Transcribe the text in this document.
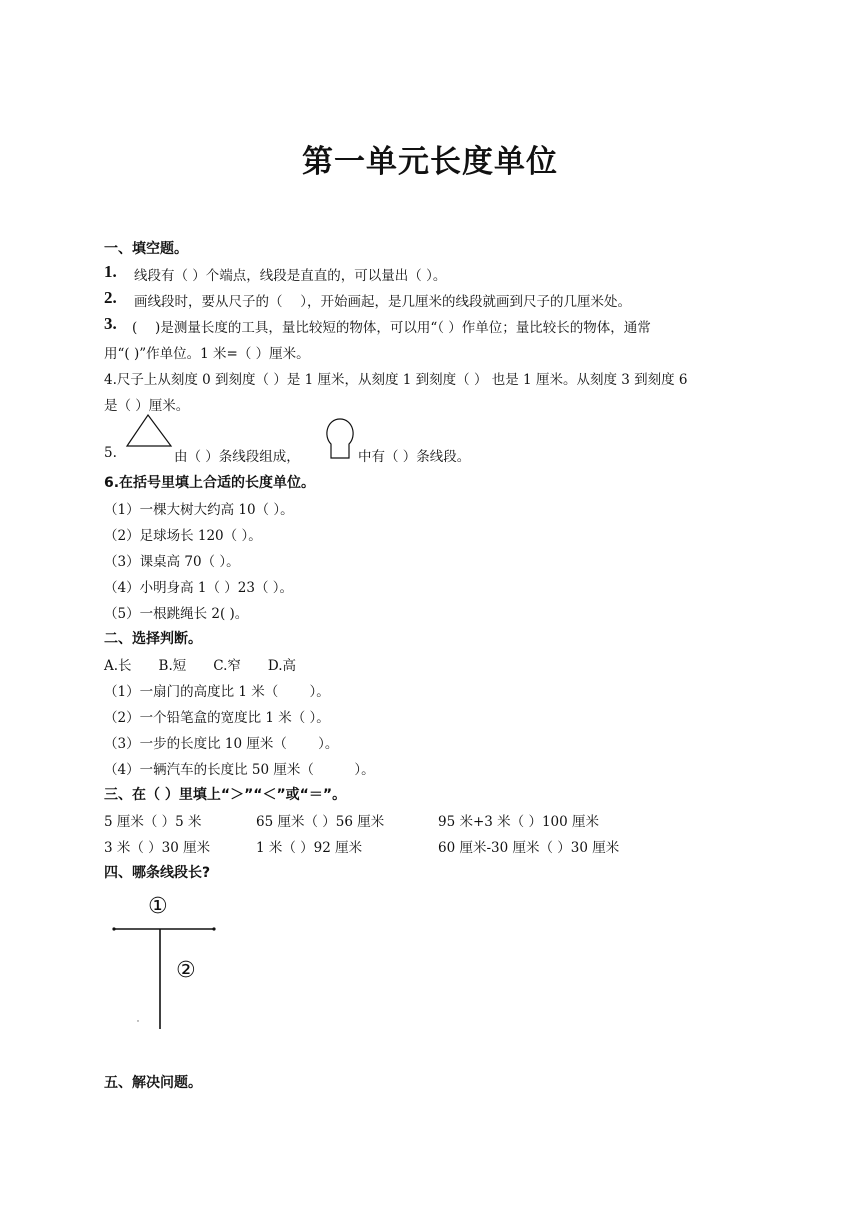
第一单元长度单位
一、填空题。
1. 线段有（ ）个端点，线段是直直的，可以量出（ ）。
2. 画线段时，要从尺子的（　 ），开始画起，是几厘米的线段就画到尺子的几厘米处。
3. (　 )是测量长度的工具，量比较短的物体，可以用“（ ）作单位；量比较长的物体，通常
用“( )”作单位。1 米=（ ）厘米。
4.尺子上从刻度 0 到刻度（ ）是 1 厘米，从刻度 1 到刻度（ ） 也是 1 厘米。从刻度 3 到刻度 6
是（ ）厘米。
5.	由（ ）条线段组成，	中有（ ）条线段。
6.在括号里填上合适的长度单位。
（1）一棵大树大约高 10（ ）。
（2）足球场长 120（ ）。
（3）课桌高 70（ ）。
（4）小明身高 1（ ）23（ ）。
（5）一根跳绳长 2( )。
二、选择判断。
A.长　　B.短　　C.窄　　D.高
（1）一扇门的高度比 1 米（　　 ）。
（2）一个铅笔盒的宽度比 1 米（ ）。
（3）一步的长度比 10 厘米（　　 ）。
（4）一辆汽车的长度比 50 厘米（　　　）。
三、在（ ）里填上“＞”“＜”或“＝”。
5 厘米（ ）5 米	65 厘米（ ）56 厘米	95 米+3 米（ ）100 厘米
3 米（ ）30 厘米	1 米（ ）92 厘米	60 厘米-30 厘米（ ）30 厘米
四、哪条线段长?
①
②
五、解决问题。
